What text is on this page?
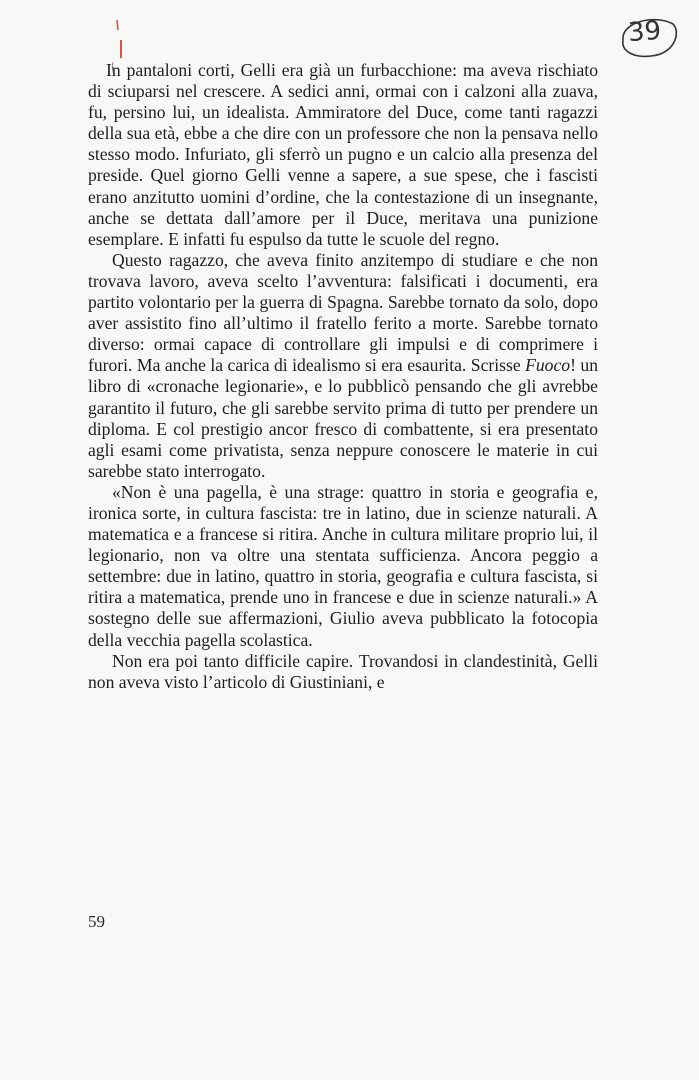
39

In pantaloni corti, Gelli era già un furbacchione: ma aveva rischiato di sciuparsi nel crescere. A sedici anni, ormai con i calzoni alla zuava, fu, persino lui, un idealista. Ammiratore del Duce, come tanti ragazzi della sua età, ebbe a che dire con un professore che non la pensava nello stesso modo. Infuriato, gli sferrò un pugno e un calcio alla presenza del preside. Quel giorno Gelli venne a sapere, a sue spese, che i fascisti erano anzitutto uomini d’ordine, che la contestazione di un insegnante, anche se dettata dall’amore per il Duce, meritava una punizione esemplare. E infatti fu espulso da tutte le scuole del regno.

Questo ragazzo, che aveva finito anzitempo di studiare e che non trovava lavoro, aveva scelto l’avventura: falsificati i documenti, era partito volontario per la guerra di Spagna. Sarebbe tornato da solo, dopo aver assistito fino all’ultimo il fratello ferito a morte. Sarebbe tornato diverso: ormai capace di controllare gli impulsi e di comprimere i furori. Ma anche la carica di idealismo si era esaurita. Scrisse Fuoco! un libro di «cronache legionarie», e lo pubblicò pensando che gli avrebbe garantito il futuro, che gli sarebbe servito prima di tutto per prendere un diploma. E col prestigio ancor fresco di combattente, si era presentato agli esami come privatista, senza neppure conoscere le materie in cui sarebbe stato interrogato.

«Non è una pagella, è una strage: quattro in storia e geografia e, ironica sorte, in cultura fascista: tre in latino, due in scienze naturali. A matematica e a francese si ritira. Anche in cultura militare proprio lui, il legionario, non va oltre una stentata sufficienza. Ancora peggio a settembre: due in latino, quattro in storia, geografia e cultura fascista, si ritira a matematica, prende uno in francese e due in scienze naturali.» A sostegno delle sue affermazioni, Giulio aveva pubblicato la fotocopia della vecchia pagella scolastica.

Non era poi tanto difficile capire. Trovandosi in clandestinità, Gelli non aveva visto l’articolo di Giustiniani, e

59
